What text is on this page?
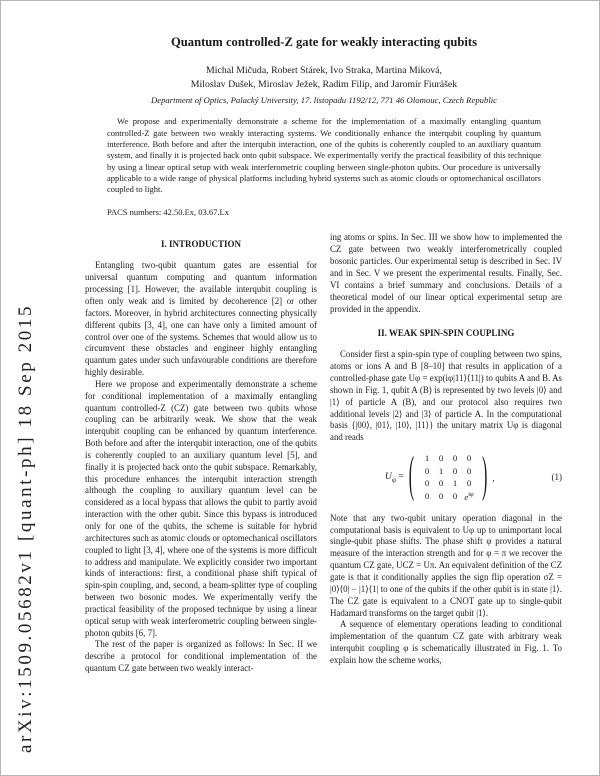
arXiv:1509.05682v1 [quant-ph] 18 Sep 2015
Quantum controlled-Z gate for weakly interacting qubits
Michal Mičuda, Robert Stárek, Ivo Straka, Martina Miková,
Miloslav Dušek, Miroslav Ježek, Radim Filip, and Jaromír Fiurášek
Department of Optics, Palacký University, 17. listopadu 1192/12, 771 46 Olomouc, Czech Republic
We propose and experimentally demonstrate a scheme for the implementation of a maximally entangling quantum controlled-Z gate between two weakly interacting systems. We conditionally enhance the interqubit coupling by quantum interference. Both before and after the interqubit interaction, one of the qubits is coherently coupled to an auxiliary quantum system, and finally it is projected back onto qubit subspace. We experimentally verify the practical feasibility of this technique by using a linear optical setup with weak interferometric coupling between single-photon qubits. Our procedure is universally applicable to a wide range of physical platforms including hybrid systems such as atomic clouds or optomechanical oscillators coupled to light.
PACS numbers: 42.50.Ex, 03.67.Lx
I. INTRODUCTION

Entangling two-qubit quantum gates are essential for universal quantum computing and quantum information processing [1]. However, the available interqubit coupling is often only weak and is limited by decoherence [2] or other factors. Moreover, in hybrid architectures connecting physically different qubits [3, 4], one can have only a limited amount of control over one of the systems. Schemes that would allow us to circumvent these obstacles and engineer highly entangling quantum gates under such unfavourable conditions are therefore highly desirable.

Here we propose and experimentally demonstrate a scheme for conditional implementation of a maximally entangling quantum controlled-Z (CZ) gate between two qubits whose coupling can be arbitrarily weak. We show that the weak interqubit coupling can be enhanced by quantum interference. Both before and after the interqubit interaction, one of the qubits is coherently coupled to an auxiliary quantum level [5], and finally it is projected back onto the qubit subspace. Remarkably, this procedure enhances the interqubit interaction strength although the coupling to auxiliary quantum level can be considered as a local bypass that allows the qubit to partly avoid interaction with the other qubit. Since this bypass is introduced only for one of the qubits, the scheme is suitable for hybrid architectures such as atomic clouds or optomechanical oscillators coupled to light [3, 4], where one of the systems is more difficult to address and manipulate. We explicitly consider two important kinds of interactions: first, a conditional phase shift typical of spin-spin coupling, and, second, a beam-splitter type of coupling between two bosonic modes. We experimentally verify the practical feasibility of the proposed technique by using a linear optical setup with weak interferometric coupling between single-photon qubits [6, 7].

The rest of the paper is organized as follows: In Sec. II we describe a protocol for conditional implementation of the quantum CZ gate between two weakly interact-

ing atoms or spins. In Sec. III we show how to implemented the CZ gate between two weakly interferometrically coupled bosonic particles. Our experimental setup is described in Sec. IV and in Sec. V we present the experimental results. Finally, Sec. VI contains a brief summary and conclusions. Details of a theoretical model of our linear optical experimental setup are provided in the appendix.

II. WEAK SPIN-SPIN COUPLING

Consider first a spin-spin type of coupling between two spins, atoms or ions A and B [8–10] that results in application of a controlled-phase gate Uφ = exp(iφ|11⟩⟨11|) to qubits A and B. As shown in Fig. 1, qubit A (B) is represented by two levels |0⟩ and |1⟩ of particle A (B), and our protocol also requires two additional levels |2⟩ and |3⟩ of particle A. In the computational basis {|00⟩, |01⟩, |10⟩, |11⟩} the unitary matrix Uφ is diagonal and reads

$U_\varphi$ = (	1	0	0	0
0	1	0	0
0	0	1	0
0	0	0 $e^{i\varphi}$ ) ,	(1)

Note that any two-qubit unitary operation diagonal in the computational basis is equivalent to Uφ up to unimportant local single-qubit phase shifts. The phase shift φ provides a natural measure of the interaction strength and for φ = π we recover the quantum CZ gate, UCZ = Uπ. An equivalent definition of the CZ gate is that it conditionally applies the sign flip operation σZ = |0⟩⟨0| − |1⟩⟨1| to one of the qubits if the other qubit is in state |1⟩. The CZ gate is equivalent to a CNOT gate up to single-qubit Hadamard transforms on the target qubit |1⟩.

A sequence of elementary operations leading to conditional implementation of the quantum CZ gate with arbitrary weak interqubit coupling φ is schematically illustrated in Fig. 1. To explain how the scheme works,
